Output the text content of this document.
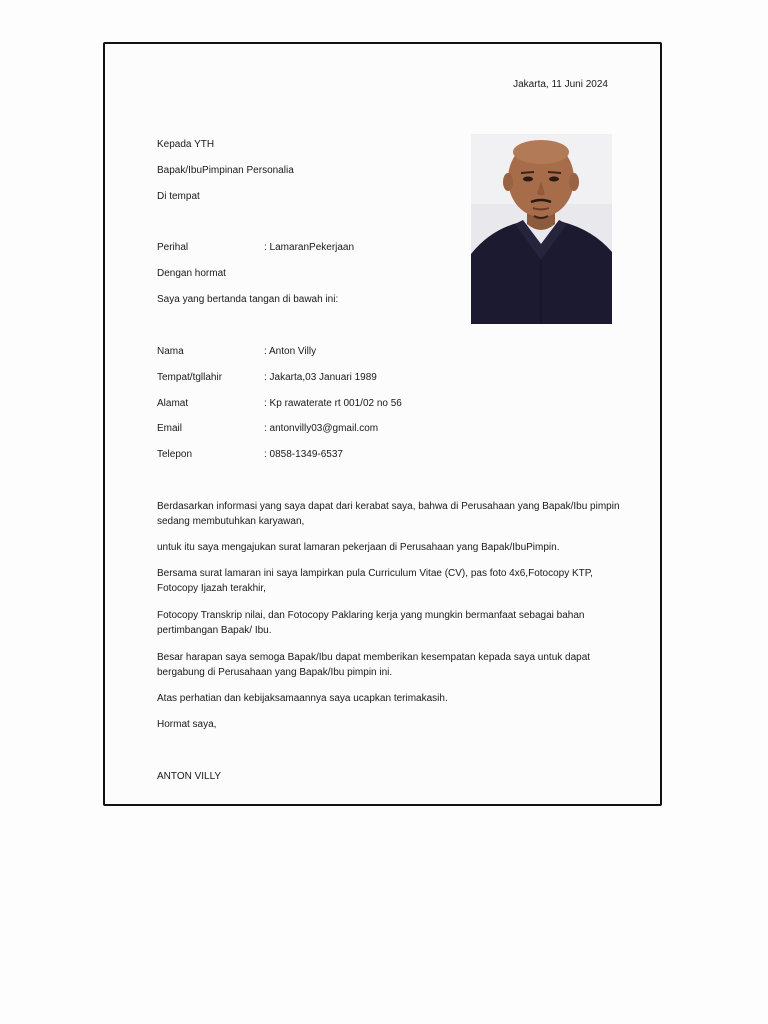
Jakarta, 11 Juni 2024
Kepada YTH
Bapak/IbuPimpinan Personalia
Di tempat
Perihal	: LamaranPekerjaan
Dengan hormat
Saya yang bertanda tangan di bawah ini:
Nama	: Anton Villy
Tempat/tgllahir	: Jakarta,03 Januari 1989
Alamat	: Kp rawaterate rt 001/02 no 56
Email	: antonvilly03@gmail.com
Telepon	: 0858-1349-6537
Berdasarkan informasi yang saya dapat dari kerabat saya, bahwa di Perusahaan yang Bapak/Ibu pimpin sedang membutuhkan karyawan,
untuk itu saya mengajukan surat lamaran pekerjaan di Perusahaan yang Bapak/IbuPimpin.
Bersama surat lamaran ini saya lampirkan pula Curriculum Vitae (CV), pas foto 4x6,Fotocopy KTP, Fotocopy Ijazah terakhir,
Fotocopy Transkrip nilai, dan Fotocopy Paklaring kerja yang mungkin bermanfaat sebagai bahan pertimbangan Bapak/ Ibu.
Besar harapan saya semoga Bapak/Ibu dapat memberikan kesempatan kepada saya untuk dapat bergabung di Perusahaan yang Bapak/Ibu pimpin ini.
Atas perhatian dan kebijaksamaannya saya ucapkan terimakasih.
Hormat saya,
ANTON VILLY
